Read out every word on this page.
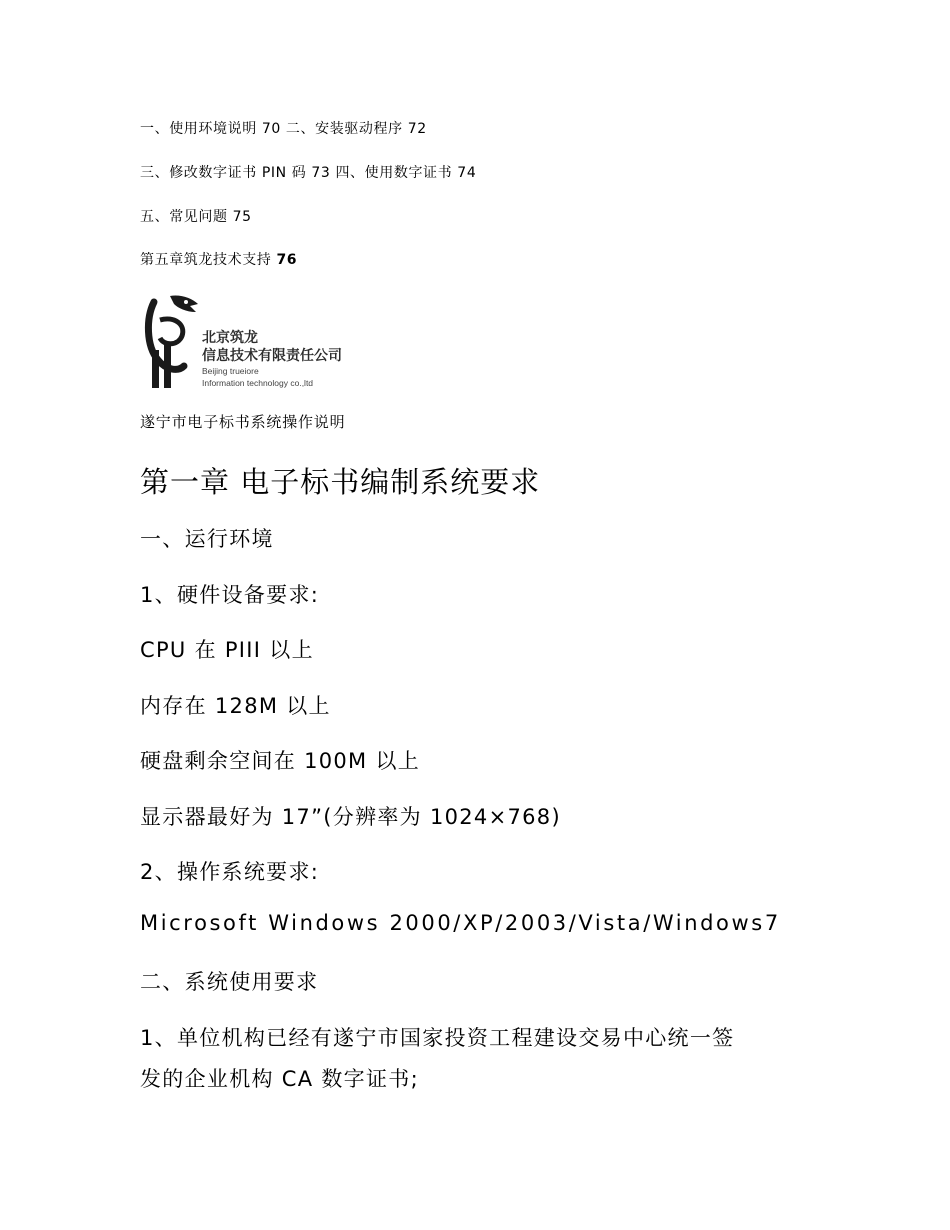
一、使用环境说明 70 二、安装驱动程序 72
三、修改数字证书 PIN 码 73 四、使用数字证书 74
五、常见问题 75
第五章筑龙技术支持 76
北京筑龙
信息技术有限责任公司
Beijing trueiore
Information technology co.,ltd
遂宁市电子标书系统操作说明
第一章 电子标书编制系统要求
一、运行环境
1、硬件设备要求:
CPU 在 PIII 以上
内存在 128M 以上
硬盘剩余空间在 100M 以上
显示器最好为 17”(分辨率为 1024×768)
2、操作系统要求:
Microsoft Windows 2000/XP/2003/Vista/Windows7
二、系统使用要求
1、单位机构已经有遂宁市国家投资工程建设交易中心统一签
发的企业机构 CA 数字证书;
